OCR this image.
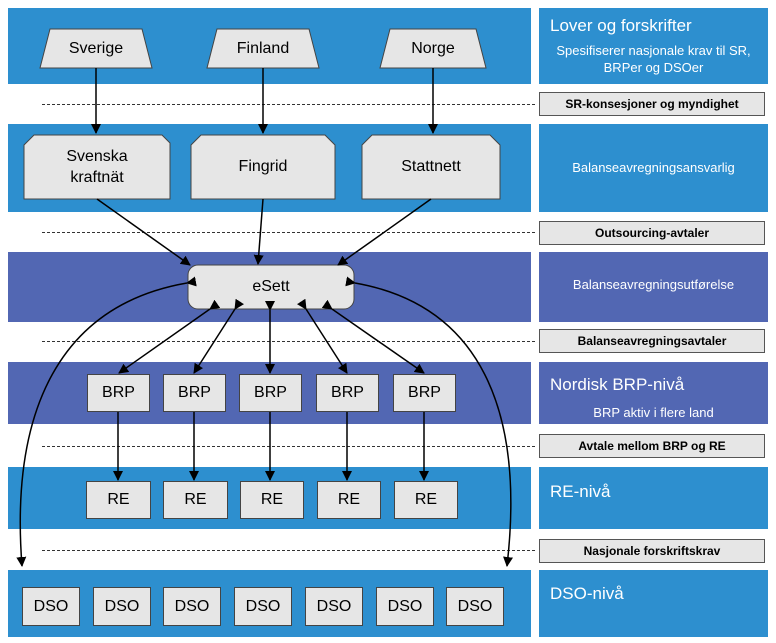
Lover og forskrifter
Spesifiserer nasjonale krav til SR, BRPer og DSOer
Balanseavregningsansvarlig
Balanseavregningsutførelse
Nordisk BRP-nivå
BRP aktiv i flere land
RE-nivå
DSO-nivå
SR-konsesjoner og myndighet
Outsourcing-avtaler
Balanseavregningsavtaler
Avtale mellom BRP og RE
Nasjonale forskriftskrav
Sverige	Finland	Norge
Svenska kraftnät
Fingrid	Stattnett
eSett
BRP	BRP	BRP	BRP	BRP
RE	RE	RE	RE	RE
DSO	DSO	DSO	DSO	DSO	DSO	DSO
